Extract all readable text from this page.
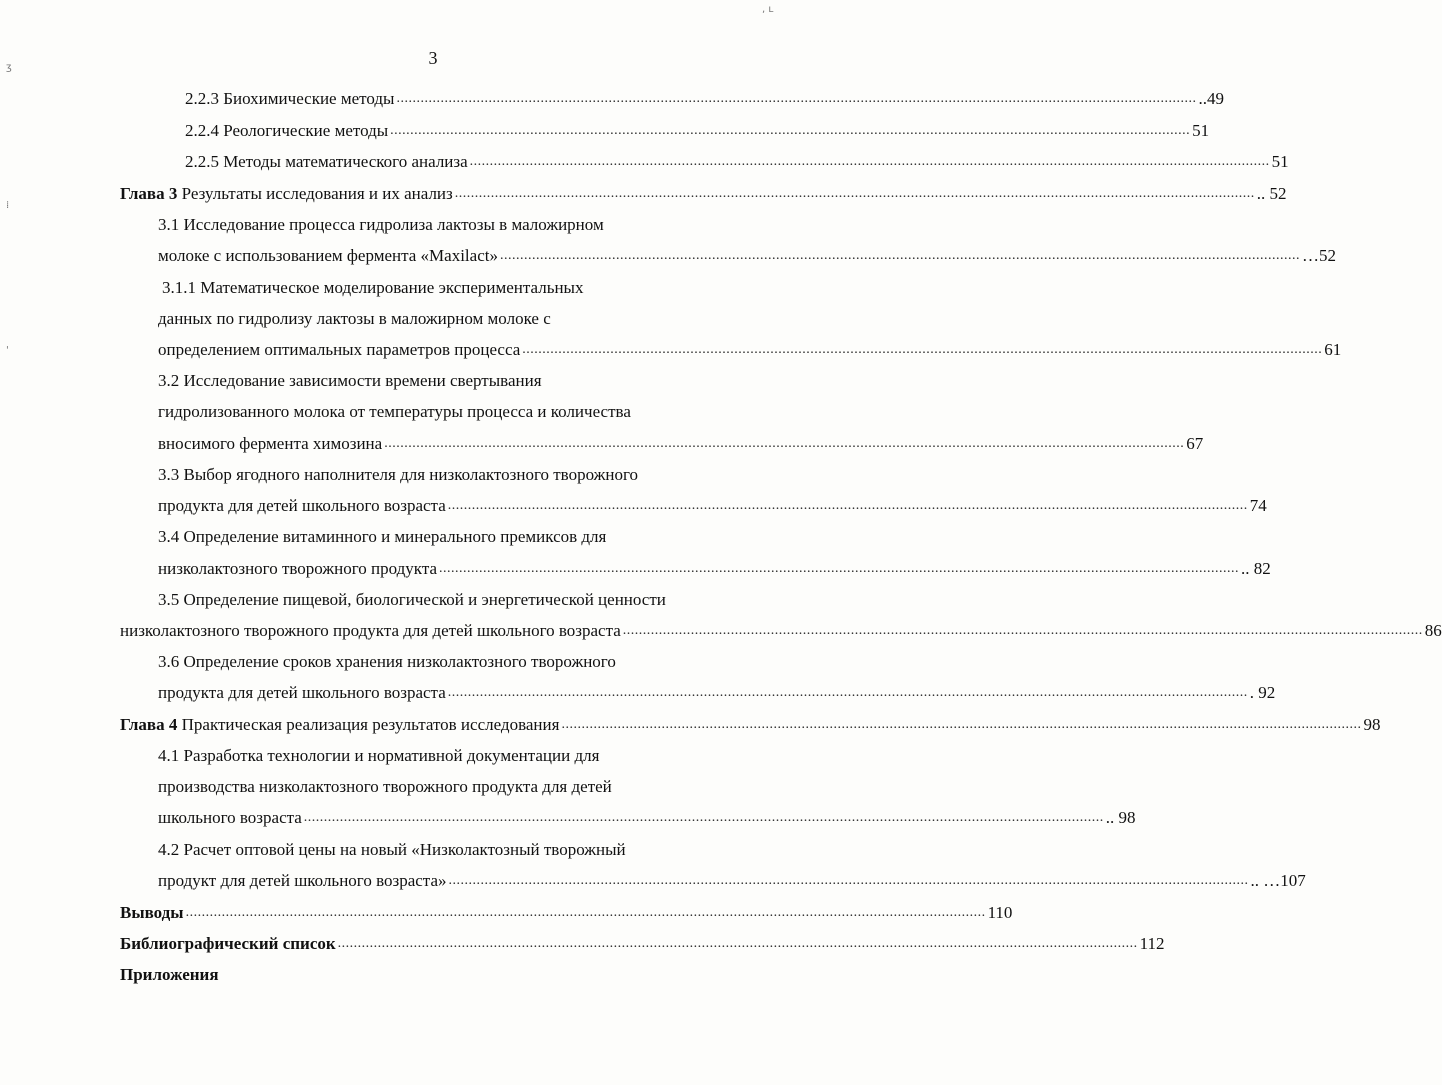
ʒ
⁞
'
, ʟ
3
2.2.3 Биохимические методы ........................................................................................................................................................................................................ ..49
2.2.4 Реологические методы ........................................................................................................................................................................................................ 51
2.2.5 Методы математического анализа ........................................................................................................................................................................................................ 51
Глава 3 Результаты исследования и их анализ ........................................................................................................................................................................................................ .. 52
3.1 Исследование процесса гидролиза лактозы в маложирном
молоке с использованием фермента «Maxilact» ........................................................................................................................................................................................................ …52
3.1.1 Математическое моделирование экспериментальных
данных по гидролизу лактозы в маложирном молоке с
определением оптимальных параметров процесса ........................................................................................................................................................................................................ 61
3.2 Исследование зависимости времени свертывания
гидролизованного молока от температуры процесса и количества
вносимого фермента химозина ........................................................................................................................................................................................................ 67
3.3 Выбор ягодного наполнителя для низколактозного творожного
продукта для детей школьного возраста ........................................................................................................................................................................................................ 74
3.4 Определение витаминного и минерального премиксов для
низколактозного творожного продукта ........................................................................................................................................................................................................ .. 82
3.5 Определение пищевой, биологической и энергетической ценности
низколактозного творожного продукта для детей школьного возраста ........................................................................................................................................................................................................ 86
3.6 Определение сроков хранения низколактозного творожного
продукта для детей школьного возраста ........................................................................................................................................................................................................ . 92
Глава 4 Практическая реализация результатов исследования ........................................................................................................................................................................................................ 98
4.1 Разработка технологии и нормативной документации для
производства низколактозного творожного продукта для детей
школьного возраста ........................................................................................................................................................................................................ .. 98
4.2 Расчет оптовой цены на новый «Низколактозный творожный
продукт для детей школьного возраста» ........................................................................................................................................................................................................ .. …107
Выводы ........................................................................................................................................................................................................ 110
Библиографический список ........................................................................................................................................................................................................ 112
Приложения
